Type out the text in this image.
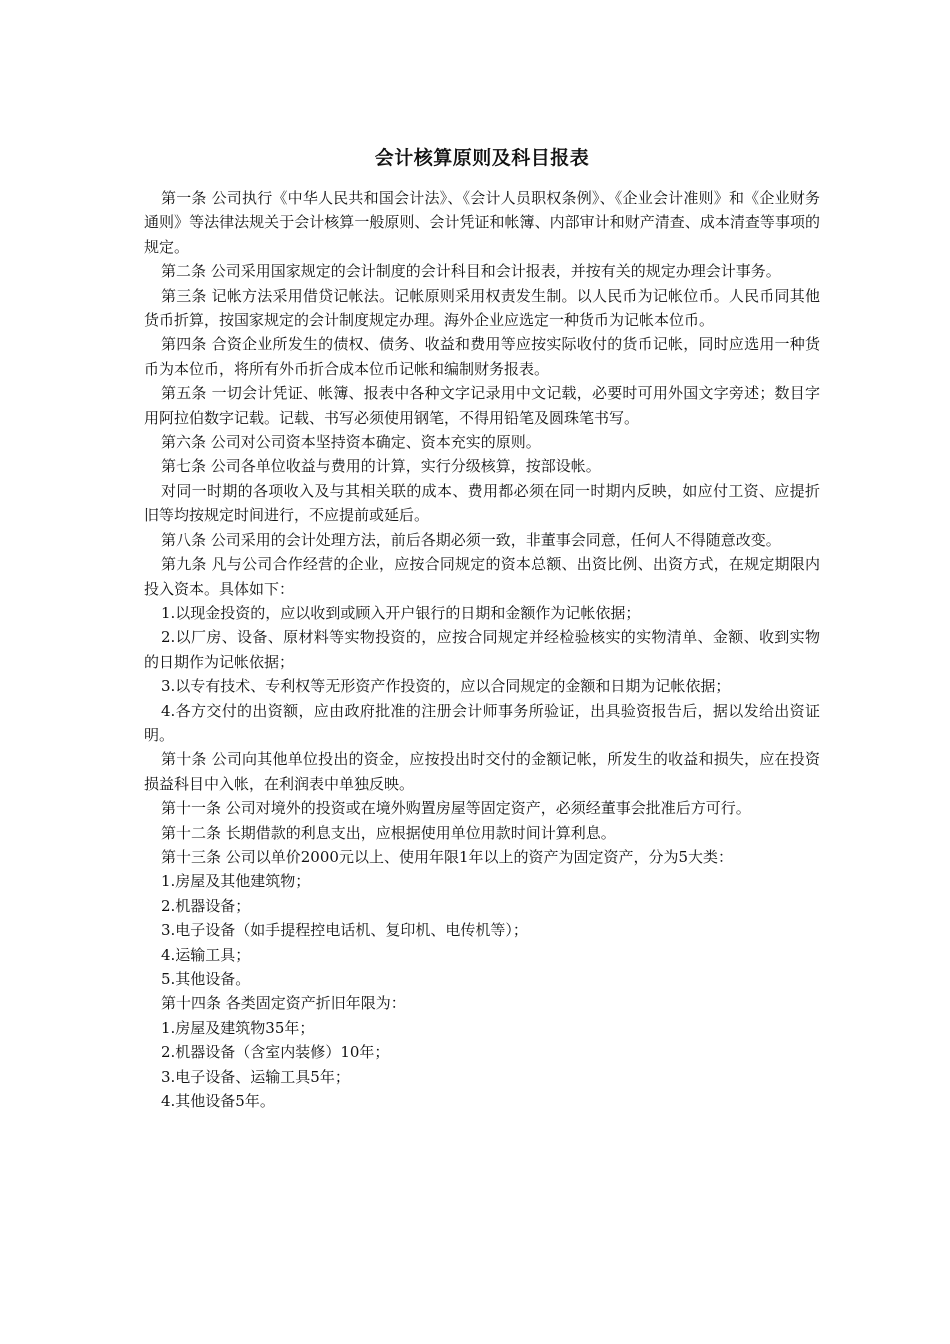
会计核算原则及科目报表

第一条 公司执行《中华人民共和国会计法》、《会计人员职权条例》、《企业会计准则》和《企业财务通则》等法律法规关于会计核算一般原则、会计凭证和帐簿、内部审计和财产清查、成本清查等事项的规定。

第二条 公司采用国家规定的会计制度的会计科目和会计报表，并按有关的规定办理会计事务。

第三条 记帐方法采用借贷记帐法。记帐原则采用权责发生制。以人民币为记帐位币。人民币同其他货币折算，按国家规定的会计制度规定办理。海外企业应选定一种货币为记帐本位币。

第四条 合资企业所发生的债权、债务、收益和费用等应按实际收付的货币记帐，同时应选用一种货币为本位币，将所有外币折合成本位币记帐和编制财务报表。

第五条 一切会计凭证、帐簿、报表中各种文字记录用中文记载，必要时可用外国文字旁述；数目字用阿拉伯数字记载。记载、书写必须使用钢笔，不得用铅笔及圆珠笔书写。

第六条 公司对公司资本坚持资本确定、资本充实的原则。

第七条 公司各单位收益与费用的计算，实行分级核算，按部设帐。

对同一时期的各项收入及与其相关联的成本、费用都必须在同一时期内反映，如应付工资、应提折旧等均按规定时间进行，不应提前或延后。

第八条 公司采用的会计处理方法，前后各期必须一致，非董事会同意，任何人不得随意改变。

第九条 凡与公司合作经营的企业，应按合同规定的资本总额、出资比例、出资方式，在规定期限内投入资本。具体如下：

1.以现金投资的，应以收到或顾入开户银行的日期和金额作为记帐依据；

2.以厂房、设备、原材料等实物投资的，应按合同规定并经检验核实的实物清单、金额、收到实物的日期作为记帐依据；

3.以专有技术、专利权等无形资产作投资的，应以合同规定的金额和日期为记帐依据；

4.各方交付的出资额，应由政府批准的注册会计师事务所验证，出具验资报告后，据以发给出资证明。

第十条 公司向其他单位投出的资金，应按投出时交付的金额记帐，所发生的收益和损失，应在投资损益科目中入帐，在利润表中单独反映。

第十一条 公司对境外的投资或在境外购置房屋等固定资产，必须经董事会批准后方可行。

第十二条 长期借款的利息支出，应根据使用单位用款时间计算利息。

第十三条 公司以单价2000元以上、使用年限1年以上的资产为固定资产，分为5大类：

1.房屋及其他建筑物；

2.机器设备；

3.电子设备（如手提程控电话机、复印机、电传机等）；

4.运输工具；

5.其他设备。

第十四条 各类固定资产折旧年限为：

1.房屋及建筑物35年；

2.机器设备（含室内装修）10年；

3.电子设备、运输工具5年；

4.其他设备5年。
